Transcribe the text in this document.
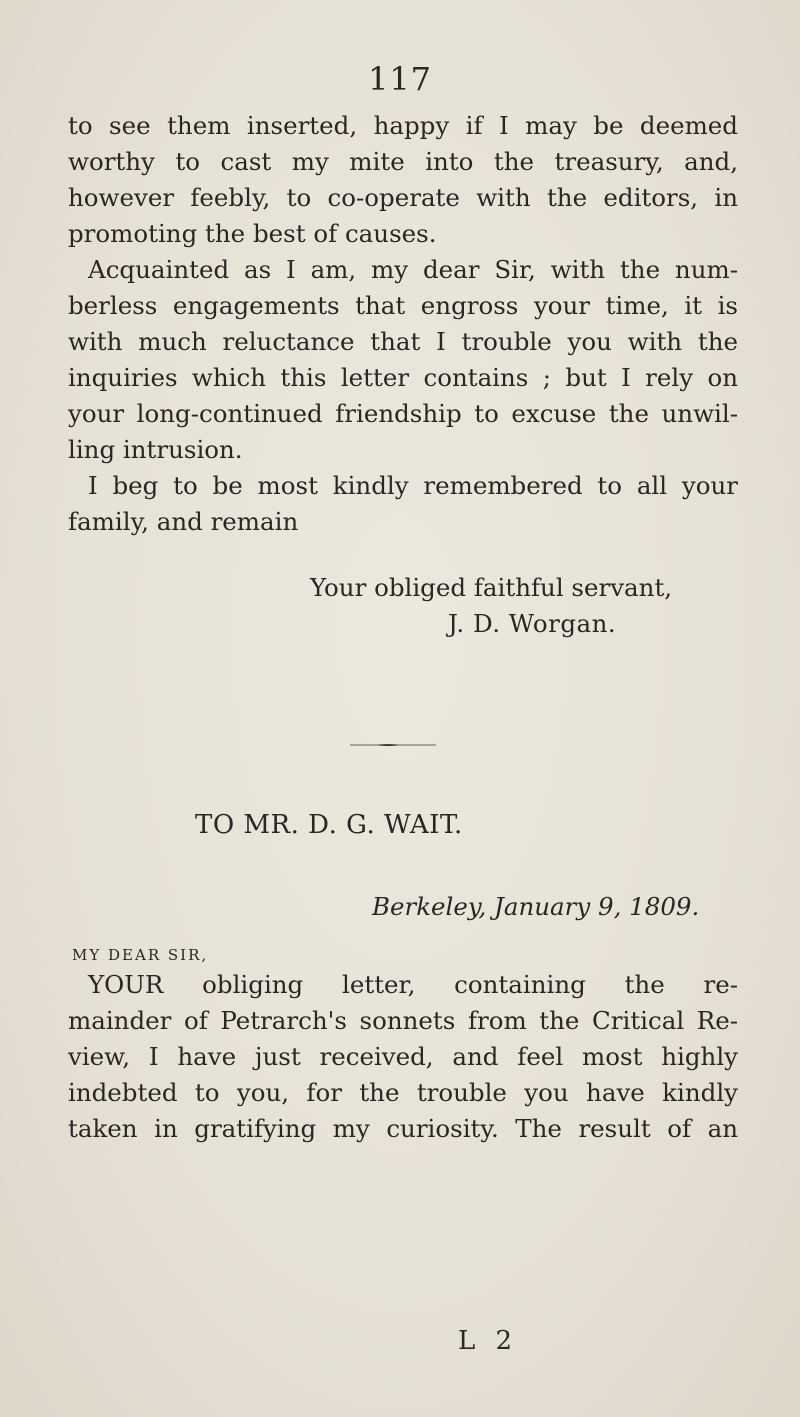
117
to see them inserted, happy if I may be deemed
worthy to cast my mite into the treasury, and,
however feebly, to co-operate with the editors, in
promoting the best of causes.
Acquainted as I am, my dear Sir, with the num-
berless engagements that engross your time, it is
with much reluctance that I trouble you with the
inquiries which this letter contains ; but I rely on
your long-continued friendship to excuse the unwil-
ling intrusion.
I beg to be most kindly remembered to all your
family, and remain
Your obliged faithful servant,
J. D. Worgan.
TO MR. D. G. WAIT.
Berkeley, January 9, 1809.
MY DEAR SIR,
YOUR obliging letter, containing the re-
mainder of Petrarch's sonnets from the Critical Re-
view, I have just received, and feel most highly
indebted to you, for the trouble you have kindly
taken in gratifying my curiosity. The result of an
L 2
